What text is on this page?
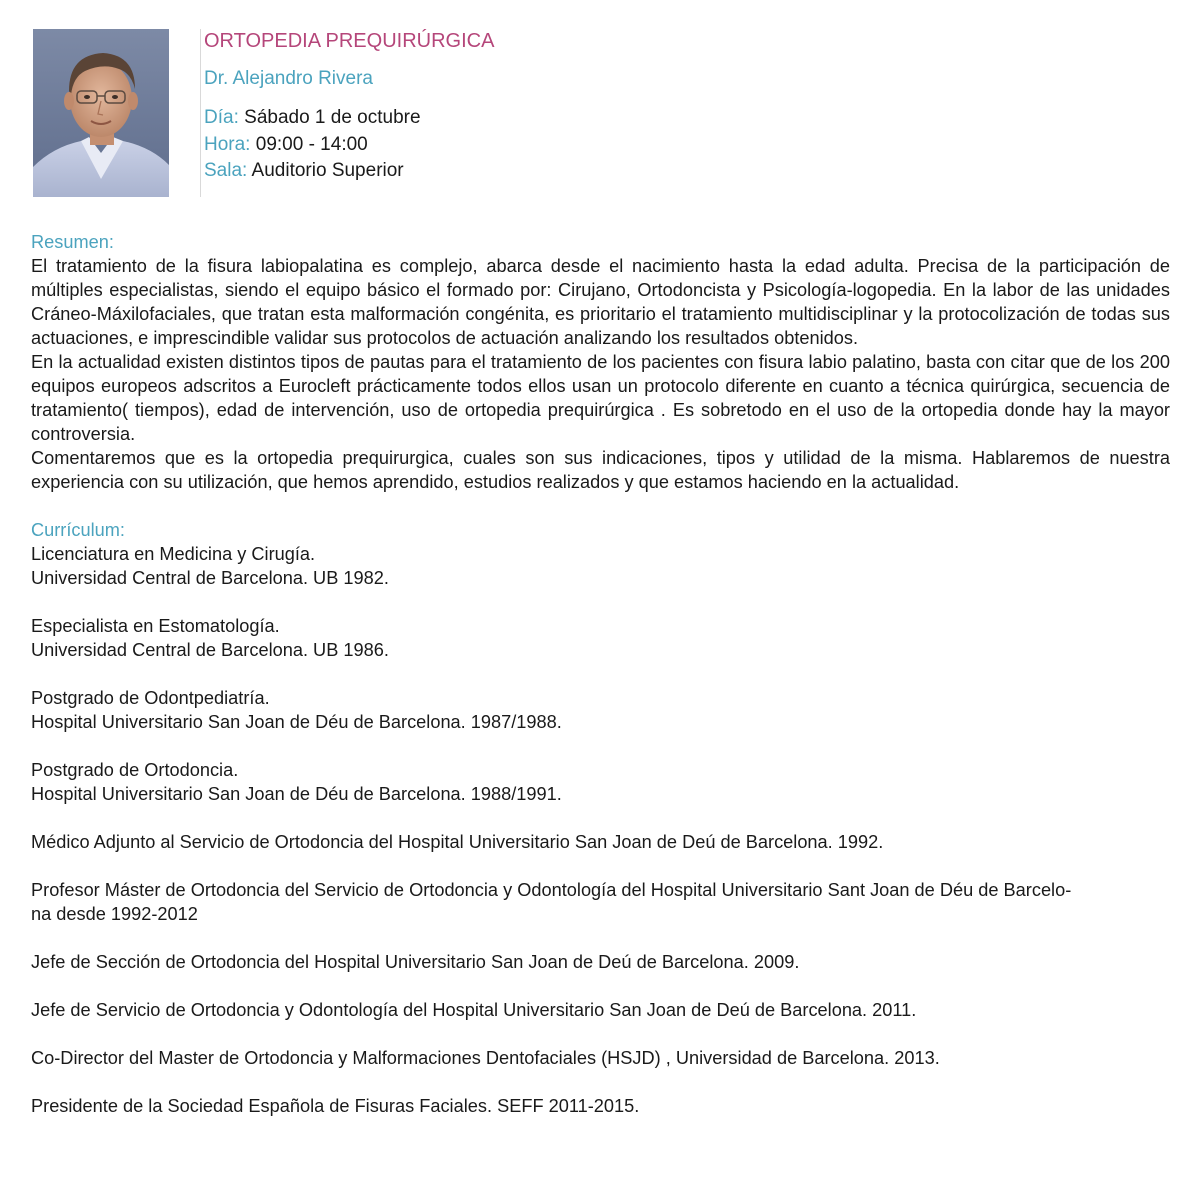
ORTOPEDIA PREQUIRÚRGICA
Dr. Alejandro Rivera
Día: Sábado 1 de octubre
Hora: 09:00 - 14:00
Sala: Auditorio Superior
Resumen:

El tratamiento de la fisura labiopalatina es complejo, abarca desde el nacimiento hasta la edad adulta. Precisa de la participación de múltiples especialistas, siendo el equipo básico el formado por: Cirujano, Ortodoncista y Psicología-logopedia. En la labor de las unidades Cráneo-Máxilofaciales, que tratan esta malformación congénita, es prioritario el tratamiento multidisciplinar y la protocolización de todas sus actuaciones, e imprescindible validar sus protocolos de actuación analizando los resultados obtenidos.

En la actualidad existen distintos tipos de pautas para el tratamiento de los pacientes con fisura labio palatino, basta con citar que de los 200 equipos europeos adscritos a Eurocleft prácticamente todos ellos usan un protocolo diferente en cuanto a técnica quirúrgica, secuencia de tratamiento( tiempos), edad de intervención, uso de ortopedia prequirúrgica . Es sobretodo en el uso de la ortopedia donde hay la mayor controversia.

Comentaremos que es la ortopedia prequirurgica, cuales son sus indicaciones, tipos y utilidad de la misma. Hablaremos de nuestra experiencia con su utilización, que hemos aprendido, estudios realizados y que estamos haciendo en la actualidad.

Currículum:
Licenciatura en Medicina y Cirugía.
Universidad Central de Barcelona. UB 1982.
Especialista en Estomatología.
Universidad Central de Barcelona. UB 1986.
Postgrado de Odontpediatría.
Hospital Universitario San Joan de Déu de Barcelona. 1987/1988.
Postgrado de Ortodoncia.
Hospital Universitario San Joan de Déu de Barcelona. 1988/1991.
Médico Adjunto al Servicio de Ortodoncia del Hospital Universitario San Joan de Deú de Barcelona. 1992.
Profesor Máster de Ortodoncia del Servicio de Ortodoncia y Odontología del Hospital Universitario Sant Joan de Déu de Barcelo-
na desde 1992-2012
Jefe de Sección de Ortodoncia del Hospital Universitario San Joan de Deú de Barcelona. 2009.
Jefe de Servicio de Ortodoncia y Odontología del Hospital Universitario San Joan de Deú de Barcelona. 2011.
Co-Director del Master de Ortodoncia y Malformaciones Dentofaciales (HSJD) , Universidad de Barcelona. 2013.
Presidente de la Sociedad Española de Fisuras Faciales. SEFF 2011-2015.
